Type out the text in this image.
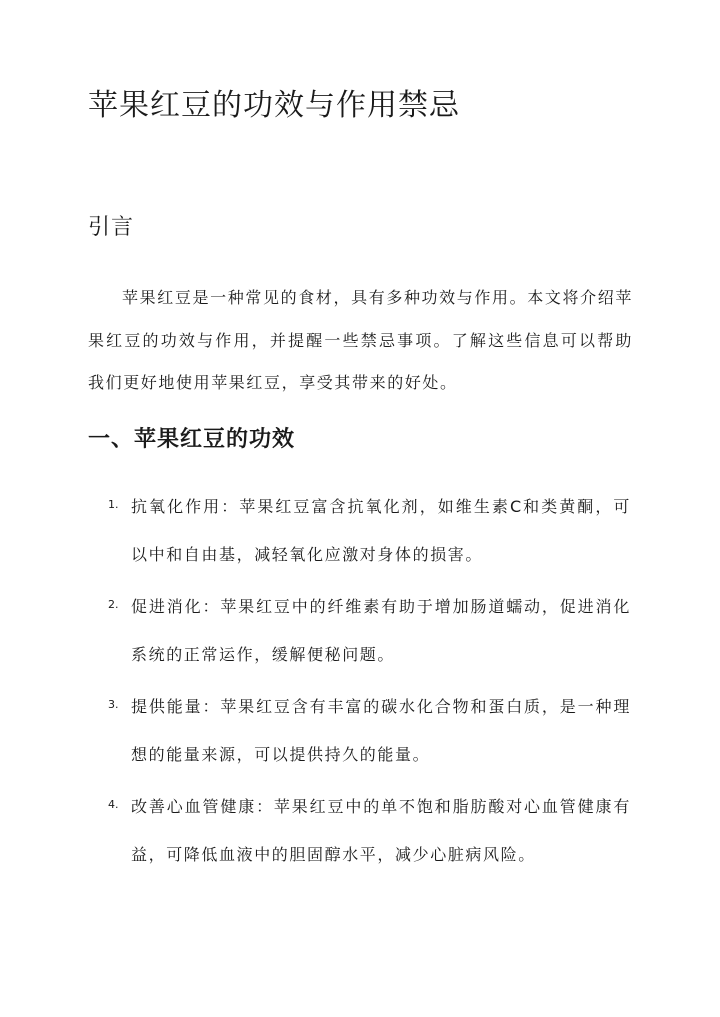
苹果红豆的功效与作用禁忌
引言

苹果红豆是一种常见的食材，具有多种功效与作用。本文将介绍苹果红豆的功效与作用，并提醒一些禁忌事项。了解这些信息可以帮助我们更好地使用苹果红豆，享受其带来的好处。

一、苹果红豆的功效
1. 抗氧化作用：苹果红豆富含抗氧化剂，如维生素C和类黄酮，可以中和自由基，减轻氧化应激对身体的损害。
2. 促进消化：苹果红豆中的纤维素有助于增加肠道蠕动，促进消化系统的正常运作，缓解便秘问题。
3. 提供能量：苹果红豆含有丰富的碳水化合物和蛋白质，是一种理想的能量来源，可以提供持久的能量。
4. 改善心血管健康：苹果红豆中的单不饱和脂肪酸对心血管健康有益，可降低血液中的胆固醇水平，减少心脏病风险。
